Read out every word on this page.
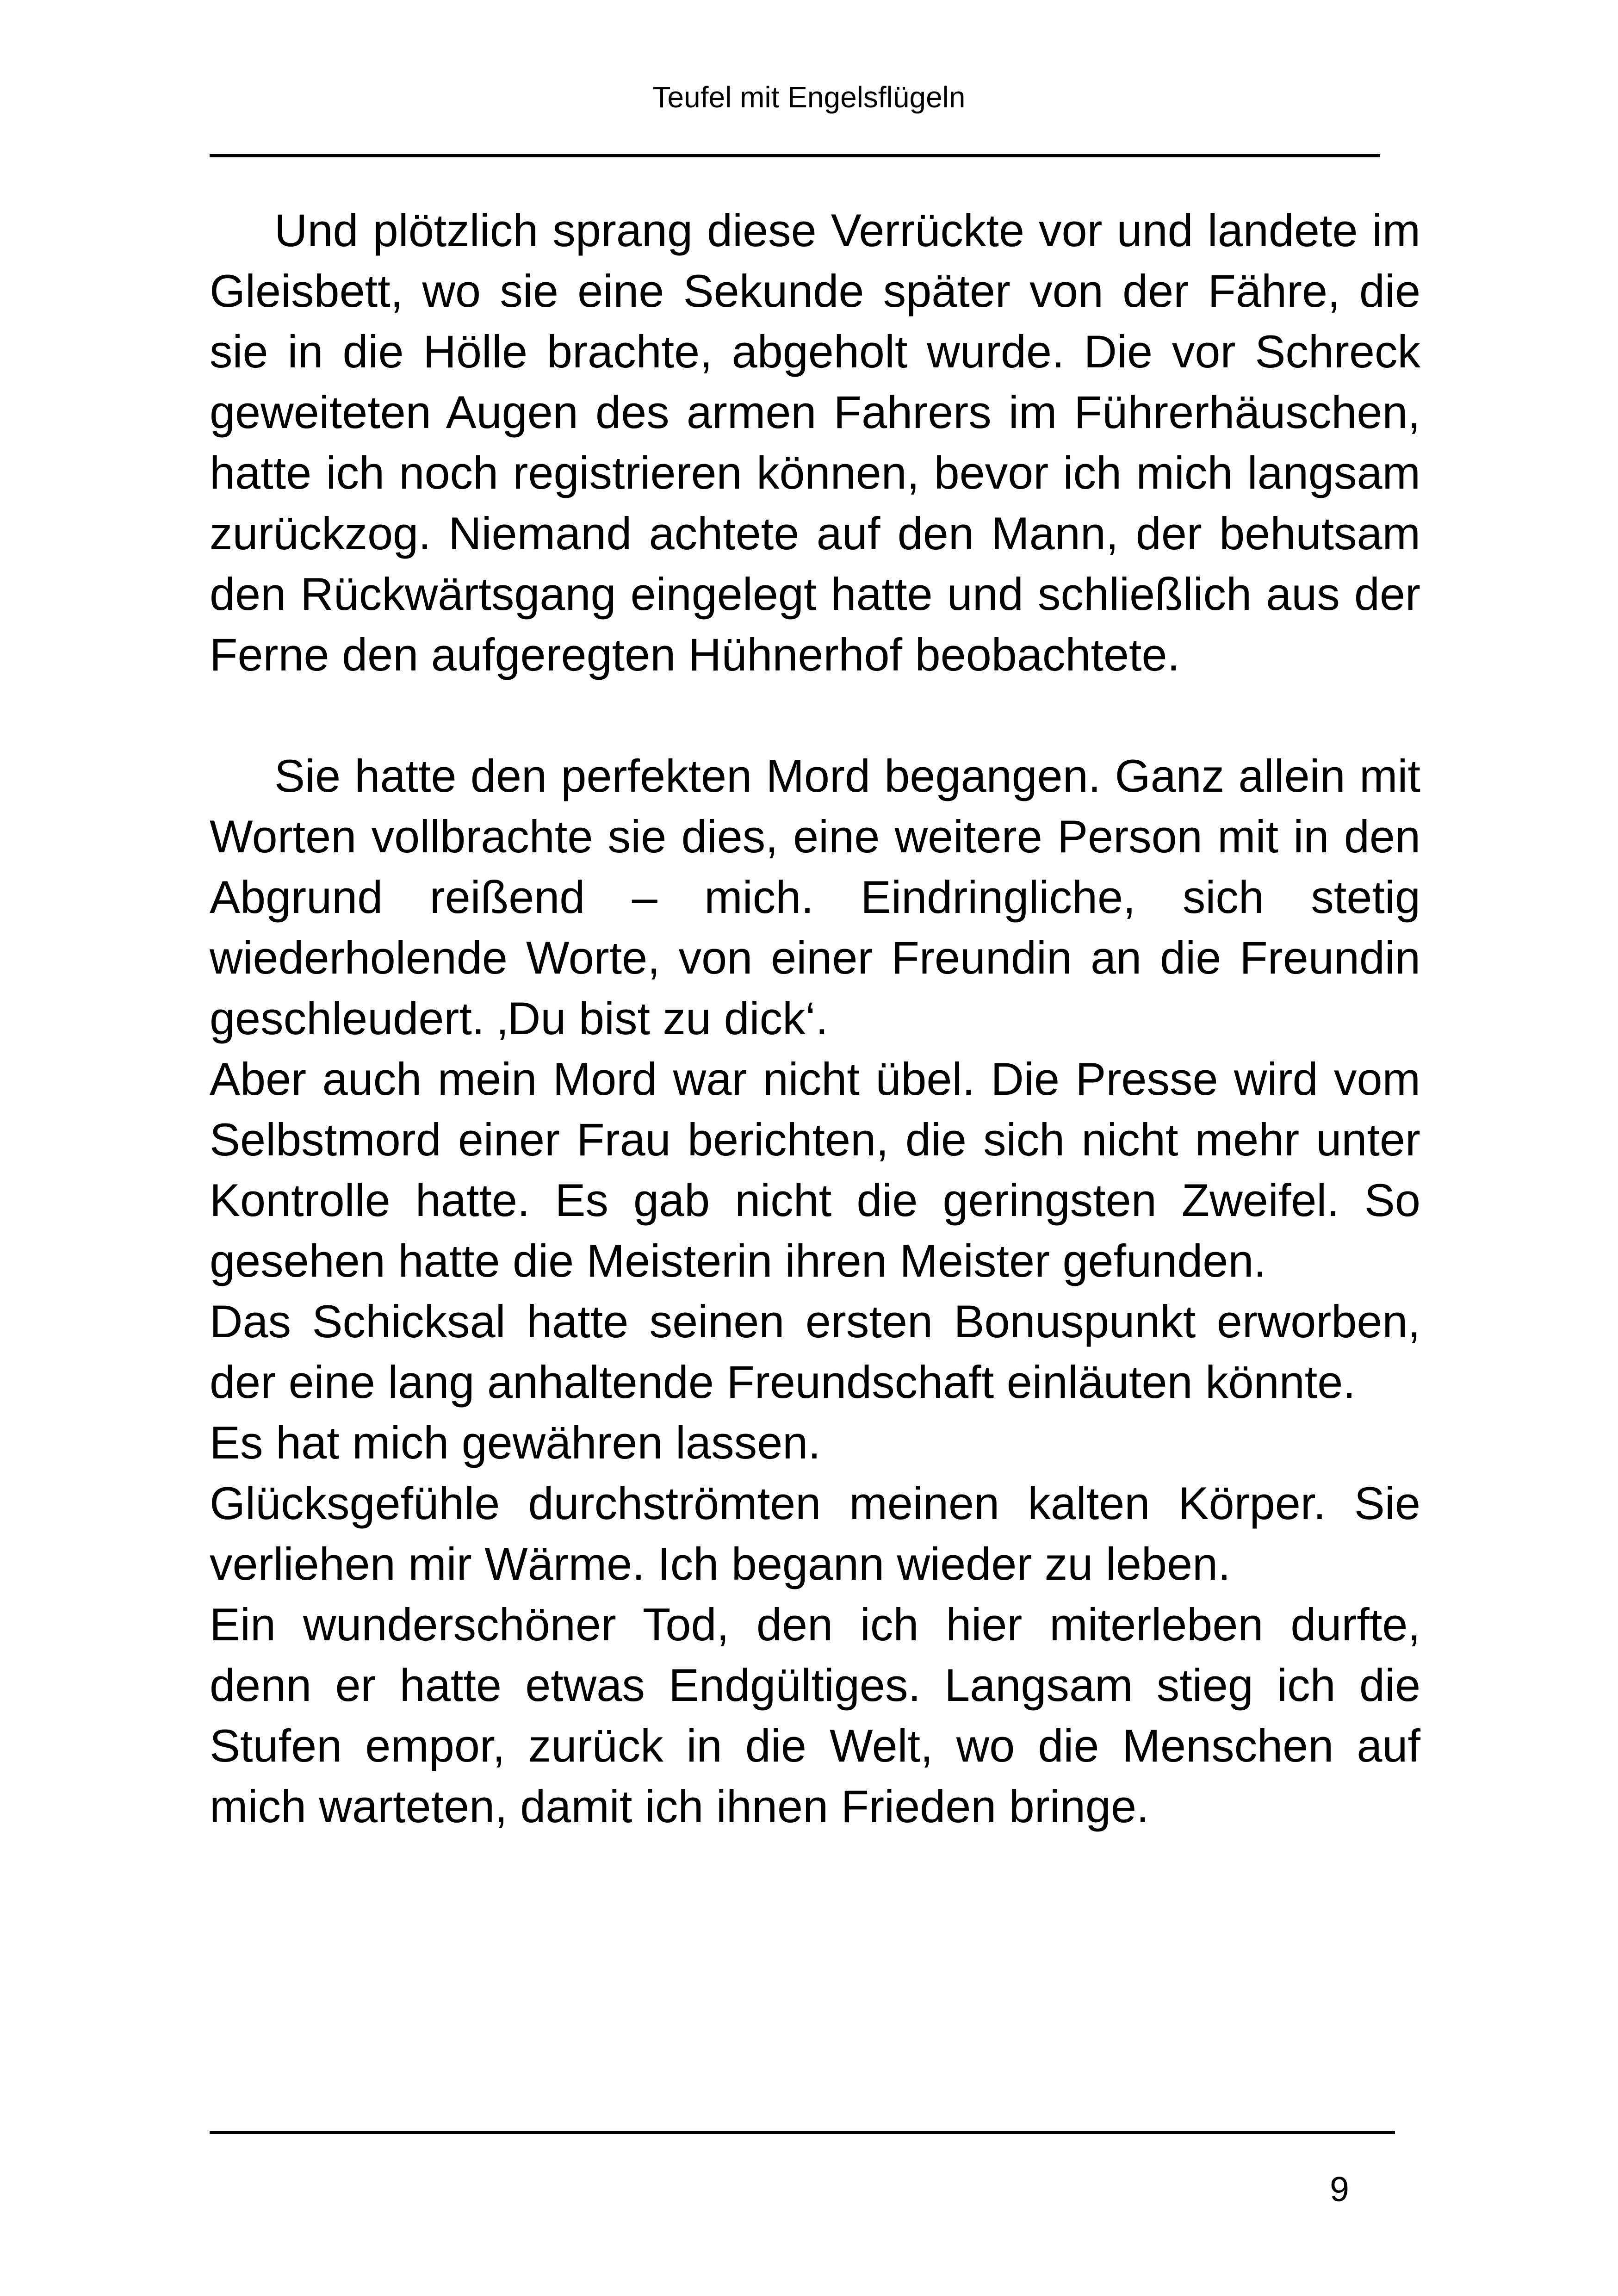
Teufel mit Engelsflügeln

Und plötzlich sprang diese Verrückte vor und landete im Gleisbett, wo sie eine Sekunde später von der Fähre, die sie in die Hölle brachte, abgeholt wurde. Die vor Schreck geweiteten Augen des armen Fahrers im Führerhäuschen, hatte ich noch registrieren können, bevor ich mich langsam zurückzog. Niemand achtete auf den Mann, der behutsam den Rückwärtsgang eingelegt hatte und schließlich aus der Ferne den aufgeregten Hühnerhof beobachtete.

Sie hatte den perfekten Mord begangen. Ganz allein mit Worten vollbrachte sie dies, eine weitere Person mit in den Abgrund reißend – mich. Eindringliche, sich stetig wiederholende Worte, von einer Freundin an die Freundin geschleudert. ‚Du bist zu dick‘.

Aber auch mein Mord war nicht übel. Die Presse wird vom Selbstmord einer Frau berichten, die sich nicht mehr unter Kontrolle hatte. Es gab nicht die geringsten Zweifel. So gesehen hatte die Meisterin ihren Meister gefunden.

Das Schicksal hatte seinen ersten Bonuspunkt erworben, der eine lang anhaltende Freundschaft einläuten könnte.

Es hat mich gewähren lassen.

Glücksgefühle durchströmten meinen kalten Körper. Sie verliehen mir Wärme. Ich begann wieder zu leben.

Ein wunderschöner Tod, den ich hier miterleben durfte, denn er hatte etwas Endgültiges. Langsam stieg ich die Stufen empor, zurück in die Welt, wo die Menschen auf mich warteten, damit ich ihnen Frieden bringe.

9
